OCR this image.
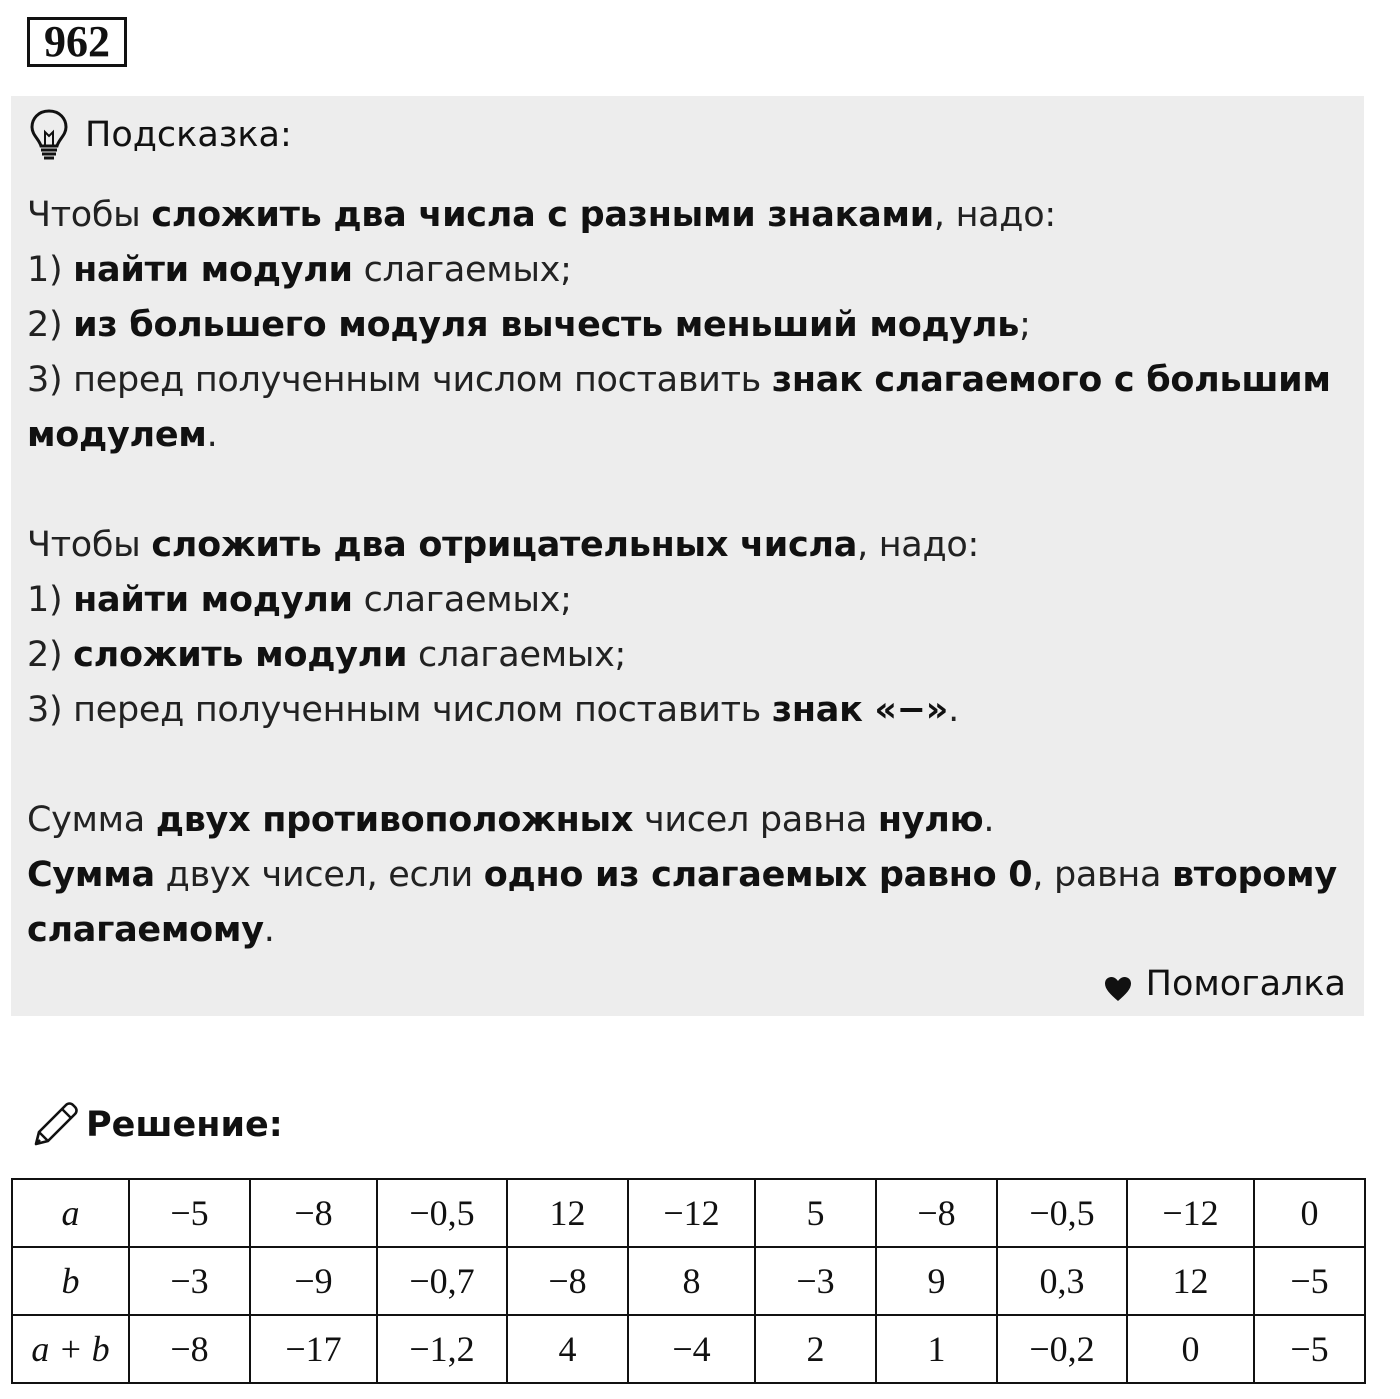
962
Подсказка:

Чтобы сложить два числа с разными знаками, надо:

1) найти модули слагаемых;

2) из большего модуля вычесть меньший модуль;

3) перед полученным числом поставить знак слагаемого с большим модулем.

Чтобы сложить два отрицательных числа, надо:

1) найти модули слагаемых;

2) сложить модули слагаемых;

3) перед полученным числом поставить знак «−».

Сумма двух противоположных чисел равна нулю.

Сумма двух чисел, если одно из слагаемых равно 0, равна второму слагаемому.

Помогалка
Решение:
a	−5	−8	−0,5	12	−12	5	−8	−0,5	−12	0
b	−3	−9	−0,7	−8	8	−3	9	0,3	12	−5
a + b	−8	−17	−1,2	4	−4	2	1	−0,2	0	−5
